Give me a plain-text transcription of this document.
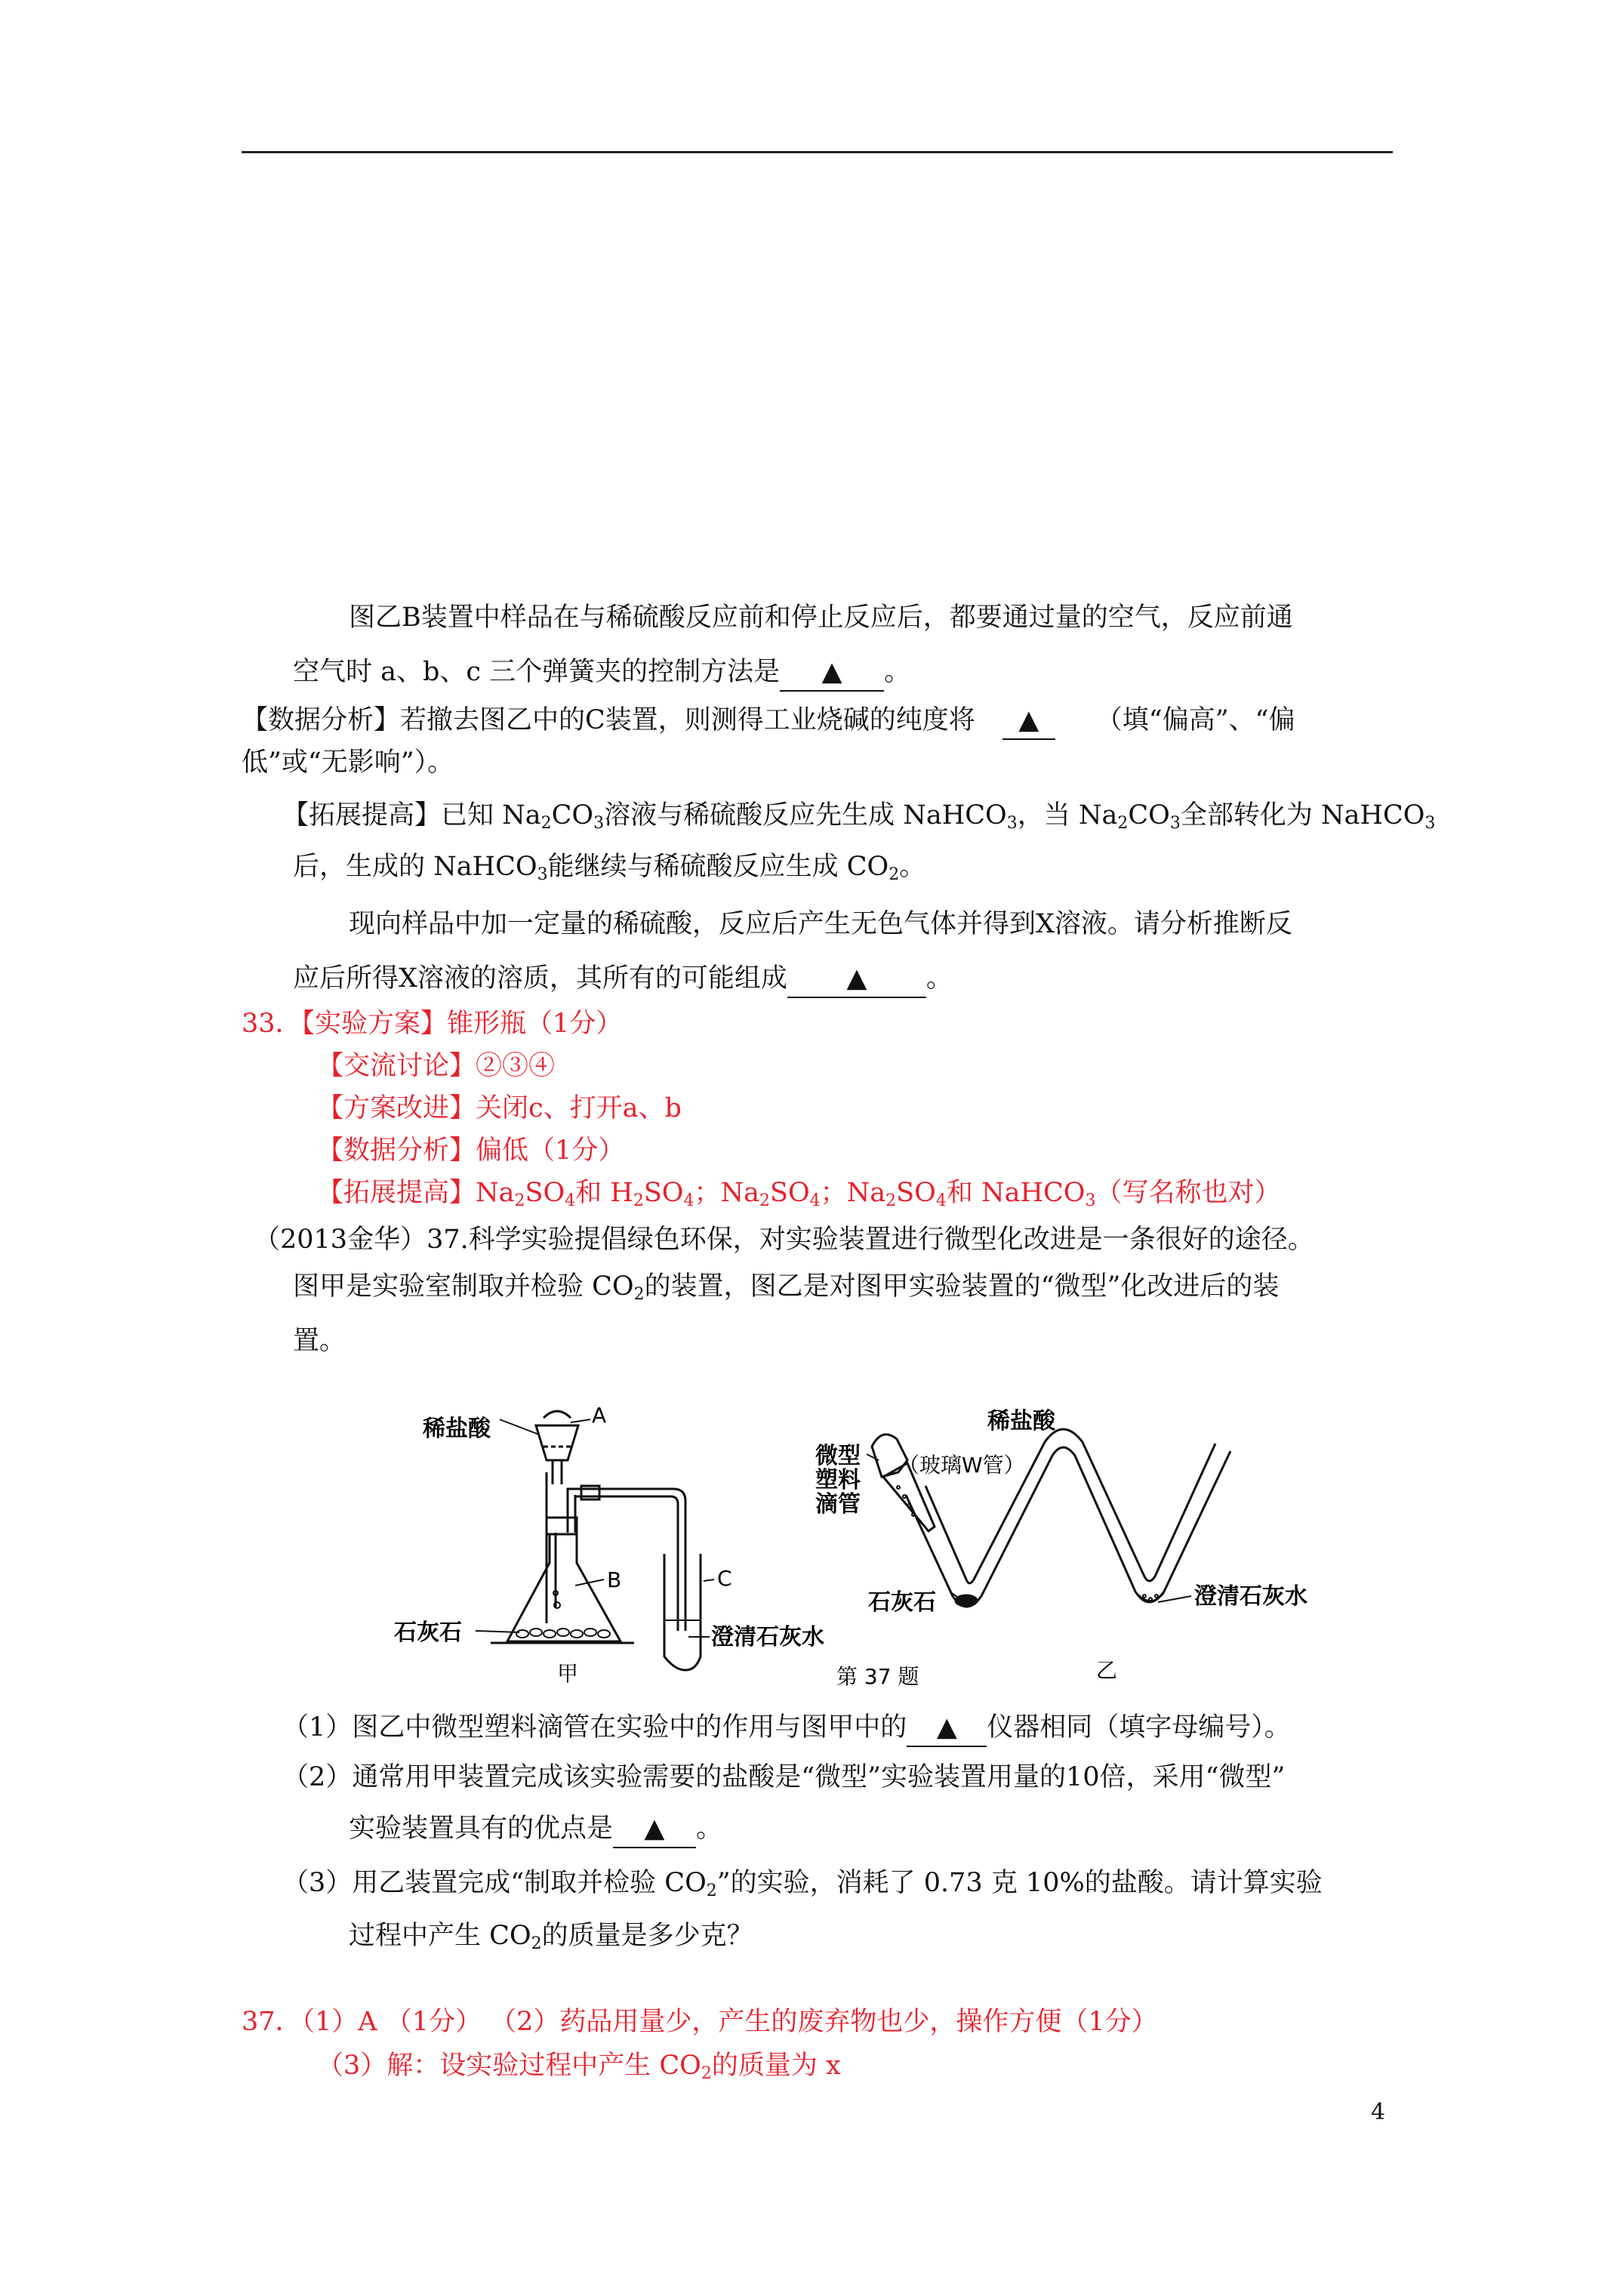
图乙B装置中样品在与稀硫酸反应前和停止反应后，都要通过量的空气，反应前通
空气时 a、b、c 三个弹簧夹的控制方法是 ▲ 。
【数据分析】若撤去图乙中的C装置，则测得工业烧碱的纯度将 ▲ （填“偏高”、“偏
低”或“无影响”）。
【拓展提高】已知 $Na_2CO_3$溶液与稀硫酸反应先生成 NaHCO$_3$，当 $Na_2CO_3$全部转化为 NaHCO$_3$
后，生成的 NaHCO$_3$能继续与稀硫酸反应生成 $CO_2$。
现向样品中加一定量的稀硫酸，反应后产生无色气体并得到X溶液。请分析推断反
应后所得X溶液的溶质，其所有的可能组成 ▲ 。
33．【实验方案】锥形瓶（1分）
【交流讨论】②③④
【方案改进】关闭c、打开a、b
【数据分析】偏低（1分）
【拓展提高】$Na_2SO_4$和 $H_2SO_4$；$Na_2SO_4$；$Na_2SO_4$和 NaHCO$_3$（写名称也对）
（2013金华）37.科学实验提倡绿色环保，对实验装置进行微型化改进是一条很好的途径。
图甲是实验室制取并检验 $CO_2$的装置，图乙是对图甲实验装置的“微型”化改进后的装
置。
稀盐酸
A
B	C
石灰石	澄清石灰水
甲	第 37 题
稀盐酸
（玻璃W管）
微型
塑料
滴管
石灰石	澄清石灰水
乙
（1）图乙中微型塑料滴管在实验中的作用与图甲中的 ▲ 仪器相同（填字母编号）。
（2）通常用甲装置完成该实验需要的盐酸是“微型”实验装置用量的10倍，采用“微型”
实验装置具有的优点是 ▲ 。
（3）用乙装置完成“制取并检验 $CO_2$”的实验，消耗了 0.73 克 10%的盐酸。请计算实验
过程中产生 $CO_2$的质量是多少克？
37．（1）A （1分） （2）药品用量少，产生的废弃物也少，操作方便（1分）
（3）解：设实验过程中产生 $CO_2$的质量为 x
4
